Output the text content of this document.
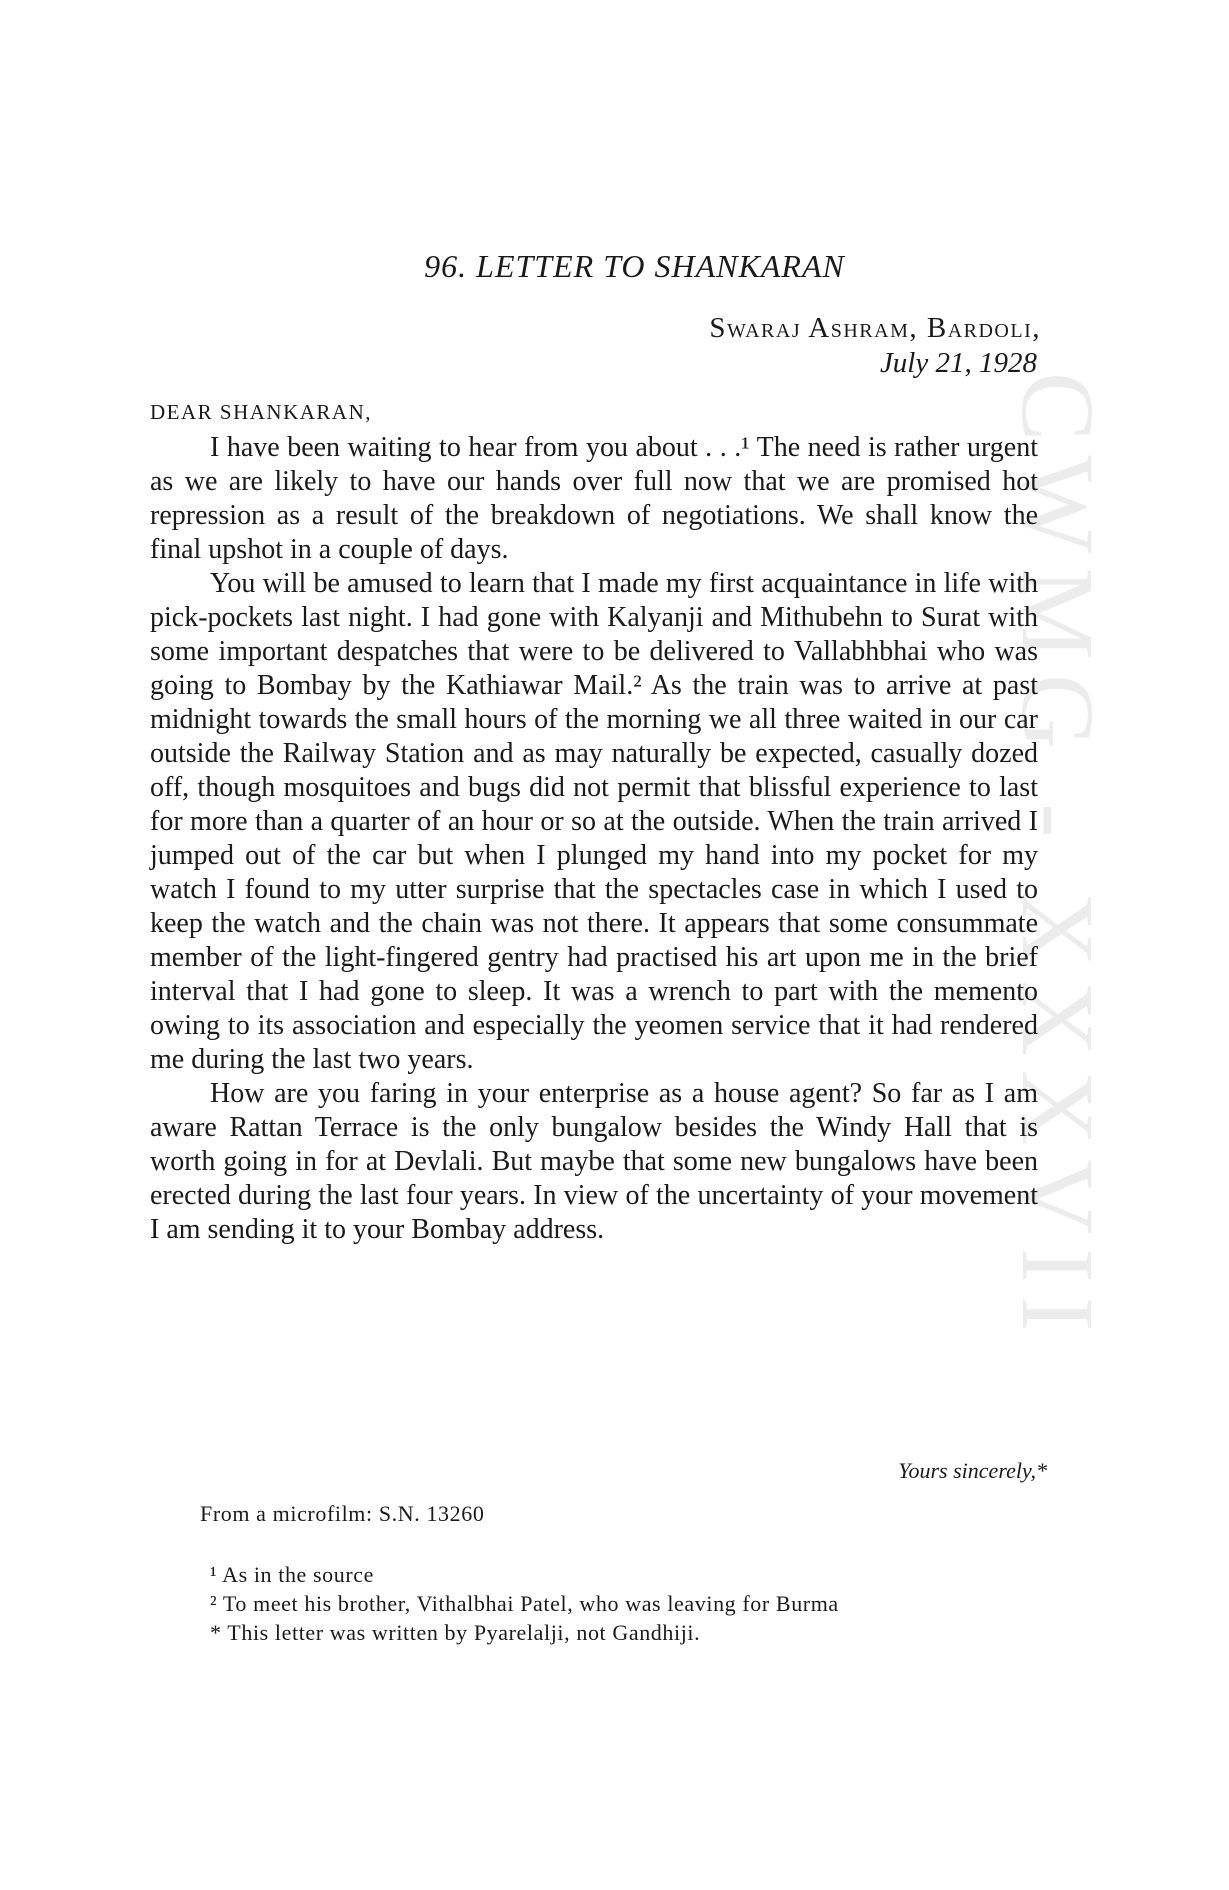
CWMG - XXXVII
96. LETTER TO SHANKARAN
Swaraj Ashram, Bardoli,
July 21, 1928
DEAR SHANKARAN,

I have been waiting to hear from you about . . .¹ The need is rather urgent as we are likely to have our hands over full now that we are promised hot repression as a result of the breakdown of negotiations. We shall know the final upshot in a couple of days.

You will be amused to learn that I made my first acquaintance in life with pick-pockets last night. I had gone with Kalyanji and Mithubehn to Surat with some important despatches that were to be delivered to Vallabhbhai who was going to Bombay by the Kathiawar Mail.² As the train was to arrive at past midnight towards the small hours of the morning we all three waited in our car outside the Railway Station and as may naturally be expected, casually dozed off, though mosquitoes and bugs did not permit that blissful experience to last for more than a quarter of an hour or so at the outside. When the train arrived I jumped out of the car but when I plunged my hand into my pocket for my watch I found to my utter surprise that the spectacles case in which I used to keep the watch and the chain was not there. It appears that some consummate member of the light-fingered gentry had practised his art upon me in the brief interval that I had gone to sleep. It was a wrench to part with the memento owing to its association and especially the yeomen service that it had rendered me during the last two years.

How are you faring in your enterprise as a house agent? So far as I am aware Rattan Terrace is the only bungalow besides the Windy Hall that is worth going in for at Devlali. But maybe that some new bungalows have been erected during the last four years. In view of the uncertainty of your movement I am sending it to your Bombay address.

Yours sincerely,*
From a microfilm: S.N. 13260
¹ As in the source
² To meet his brother, Vithalbhai Patel, who was leaving for Burma
* This letter was written by Pyarelalji, not Gandhiji.
